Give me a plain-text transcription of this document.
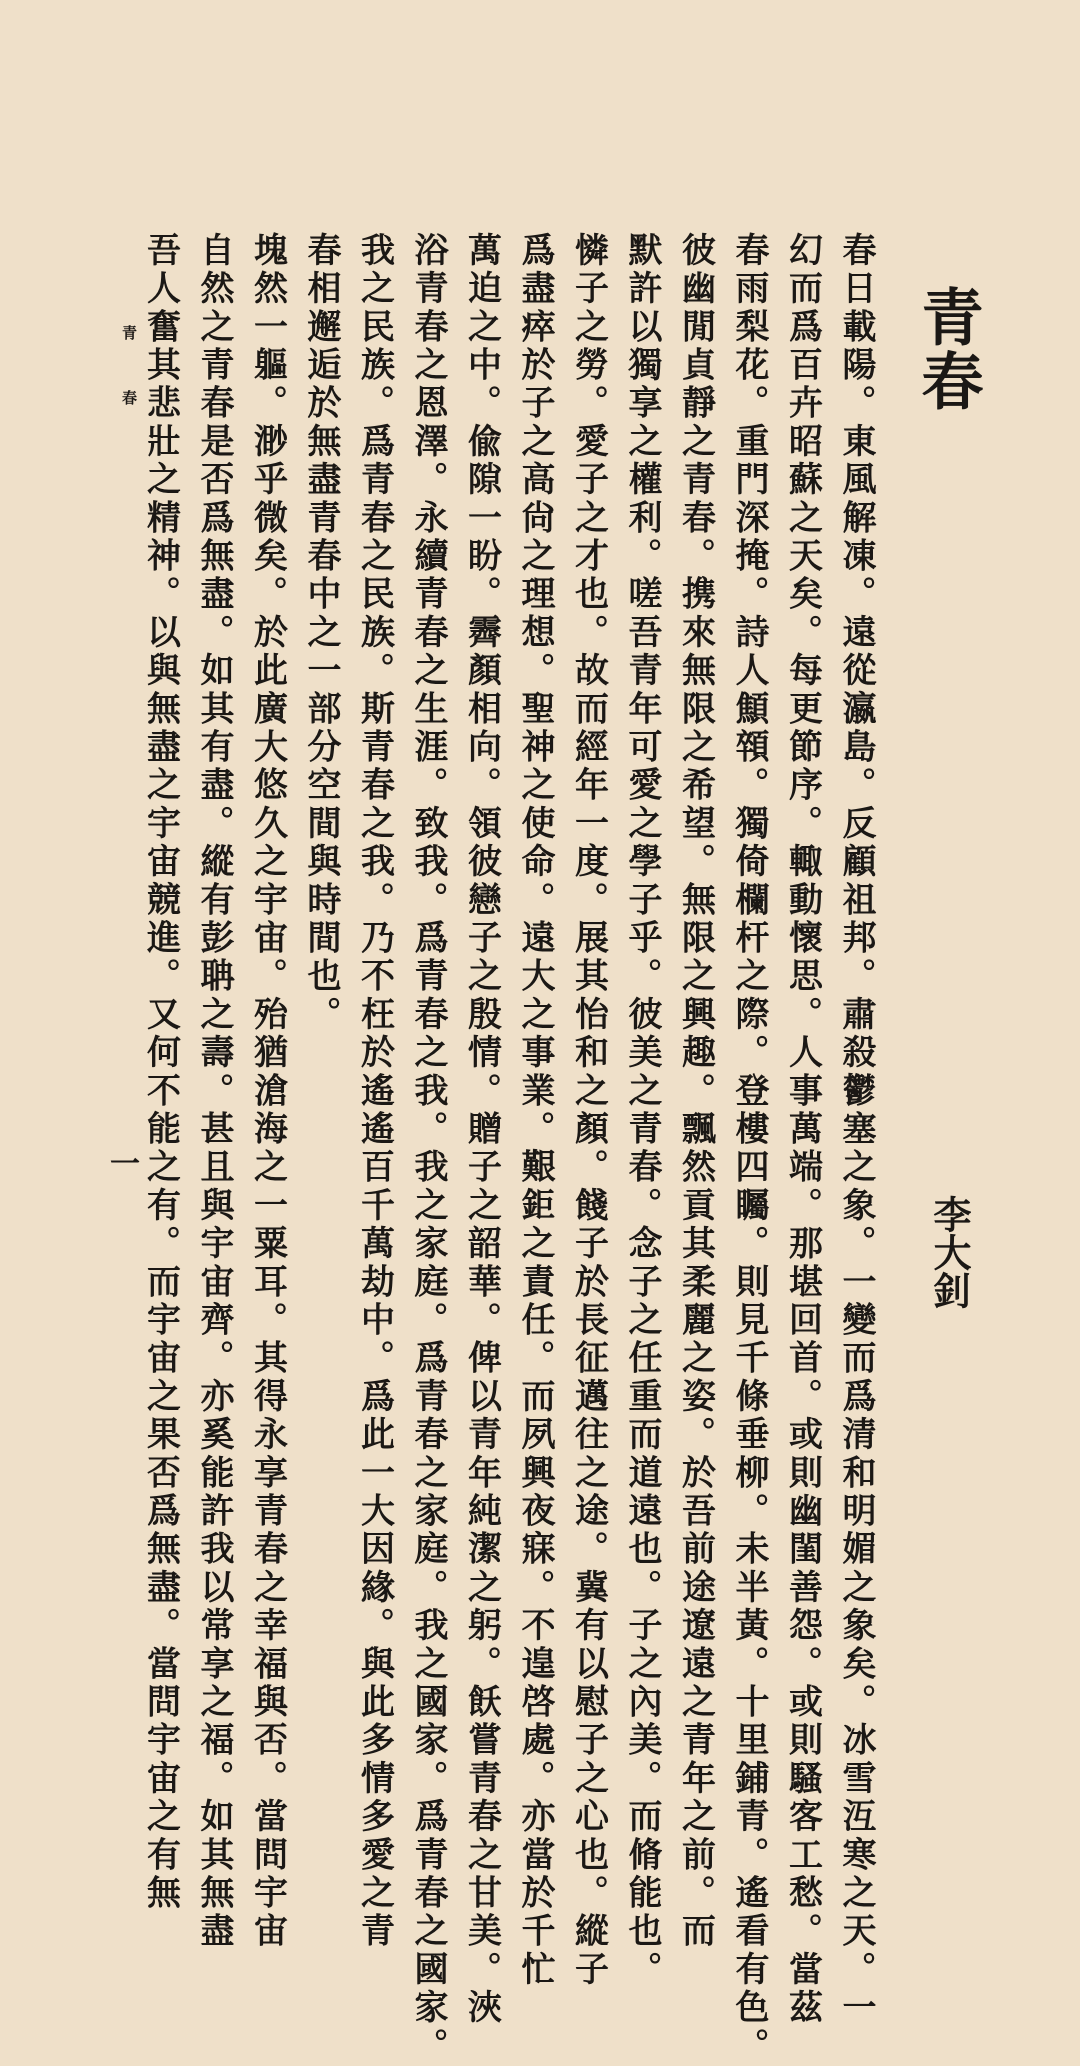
青春
李大釗
春日載陽。東風解凍。遠從瀛島。反顧祖邦。肅殺鬱塞之象。一變而爲清和明媚之象矣。冰雪沍寒之天。一
幻而爲百卉昭蘇之天矣。每更節序。輙動懷思。人事萬端。那堪回首。或則幽閨善怨。或則騷客工愁。當茲
春雨梨花。重門深掩。詩人顦顇。獨倚欄杆之際。登樓四矚。則見千條垂柳。未半黃。十里鋪青。遙看有色。
彼幽閒貞靜之青春。携來無限之希望。無限之興趣。飄然貢其柔麗之姿。於吾前途遼遠之青年之前。而
默許以獨享之權利。嗟吾青年可愛之學子乎。彼美之青春。念子之任重而道遠也。子之內美。而脩能也。
憐子之勞。愛子之才也。故而經年一度。展其怡和之顏。餞子於長征邁往之途。冀有以慰子之心也。縱子
爲盡瘁於子之高尙之理想。聖神之使命。遠大之事業。艱鉅之責任。而夙興夜寐。不遑啓處。亦當於千忙
萬迫之中。偸隙一盼。霽顏相向。領彼戀子之殷情。贈子之韶華。俾以青年純潔之躬。飫嘗青春之甘美。浹
浴青春之恩澤。永續青春之生涯。致我。爲青春之我。我之家庭。爲青春之家庭。我之國家。爲青春之國家。
我之民族。爲青春之民族。斯青春之我。乃不枉於遙遙百千萬劫中。爲此一大因緣。與此多情多愛之青
春相邂逅於無盡青春中之一部分空間與時間也。
塊然一軀。渺乎微矣。於此廣大悠久之宇宙。殆猶滄海之一粟耳。其得永享青春之幸福與否。當問宇宙
自然之青春是否爲無盡。如其有盡。縱有彭聃之壽。甚且與宇宙齊。亦奚能許我以常享之福。如其無盡
吾人奮其悲壯之精神。以與無盡之宇宙競進。又何不能之有。而宇宙之果否爲無盡。當問宇宙之有無
青春
一
